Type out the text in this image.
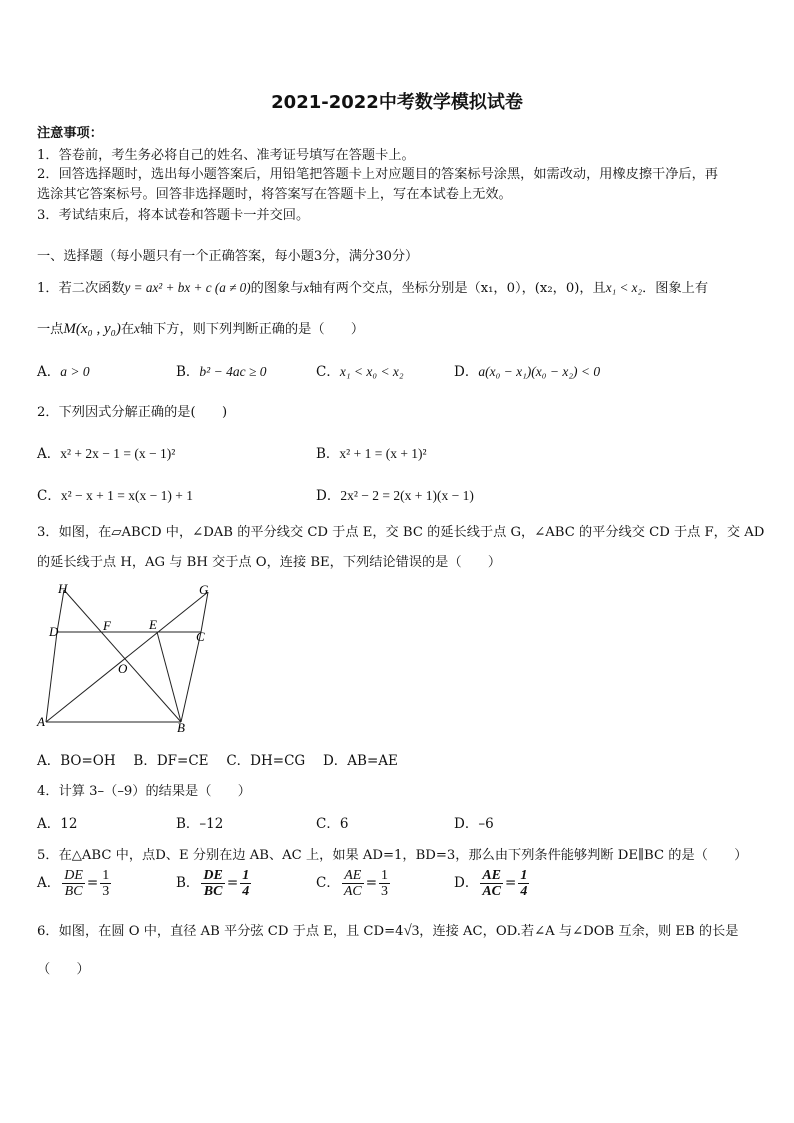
2021-2022中考数学模拟试卷
注意事项：
1．答卷前，考生务必将自己的姓名、准考证号填写在答题卡上。
2．回答选择题时，选出每小题答案后，用铅笔把答题卡上对应题目的答案标号涂黑，如需改动，用橡皮擦干净后，再
选涂其它答案标号。回答非选择题时，将答案写在答题卡上，写在本试卷上无效。
3．考试结束后，将本试卷和答题卡一并交回。
一、选择题（每小题只有一个正确答案，每小题3分，满分30分）
1．若二次函数y = ax² + bx + c (a ≠ 0)的图象与x轴有两个交点，坐标分别是（x₁，0），(x₂，0)，且x₁ < x₂．图象上有
一点M(x₀ , y₀)在x轴下方，则下列判断正确的是（　　）
A．a > 0	B．b² − 4ac ≥ 0	C．x₁ < x₀ < x₂	D．a(x₀ − x₁)(x₀ − x₂) < 0
2．下列因式分解正确的是(　　)
A．x² + 2x − 1 = (x − 1)²	B．x² + 1 = (x + 1)²
C．x² − x + 1 = x(x − 1) + 1	D．2x² − 2 = 2(x + 1)(x − 1)
3．如图，在▱ABCD 中，∠DAB 的平分线交 CD 于点 E，交 BC 的延长线于点 G，∠ABC 的平分线交 CD 于点 F，交 AD
的延长线于点 H，AG 与 BH 交于点 O，连接 BE，下列结论错误的是（　　）
H	G
D	F	E
C
O
A	B
A．BO=OH　 B．DF=CE　 C．DH=CG　 D．AB=AE
4．计算 3–（–9）的结果是（　　）
A．12	B．–12	C．6	D．–6
5．在△ABC 中，点D、E 分别在边 AB、AC 上，如果 AD=1，BD=3，那么由下列条件能够判断 DE∥BC 的是（　　）
A． $\frac{DE}{BC} = \frac{1}{3}$	B． $\frac{DE}{BC} = \frac{1}{4}$	C． $\frac{AE}{AC} = \frac{1}{3}$	D． $\frac{AE}{AC} = \frac{1}{4}$
6．如图，在圆 O 中，直径 AB 平分弦 CD 于点 E，且 CD=4√3，连接 AC，OD.若∠A 与∠DOB 互余，则 EB 的长是
（　　）
